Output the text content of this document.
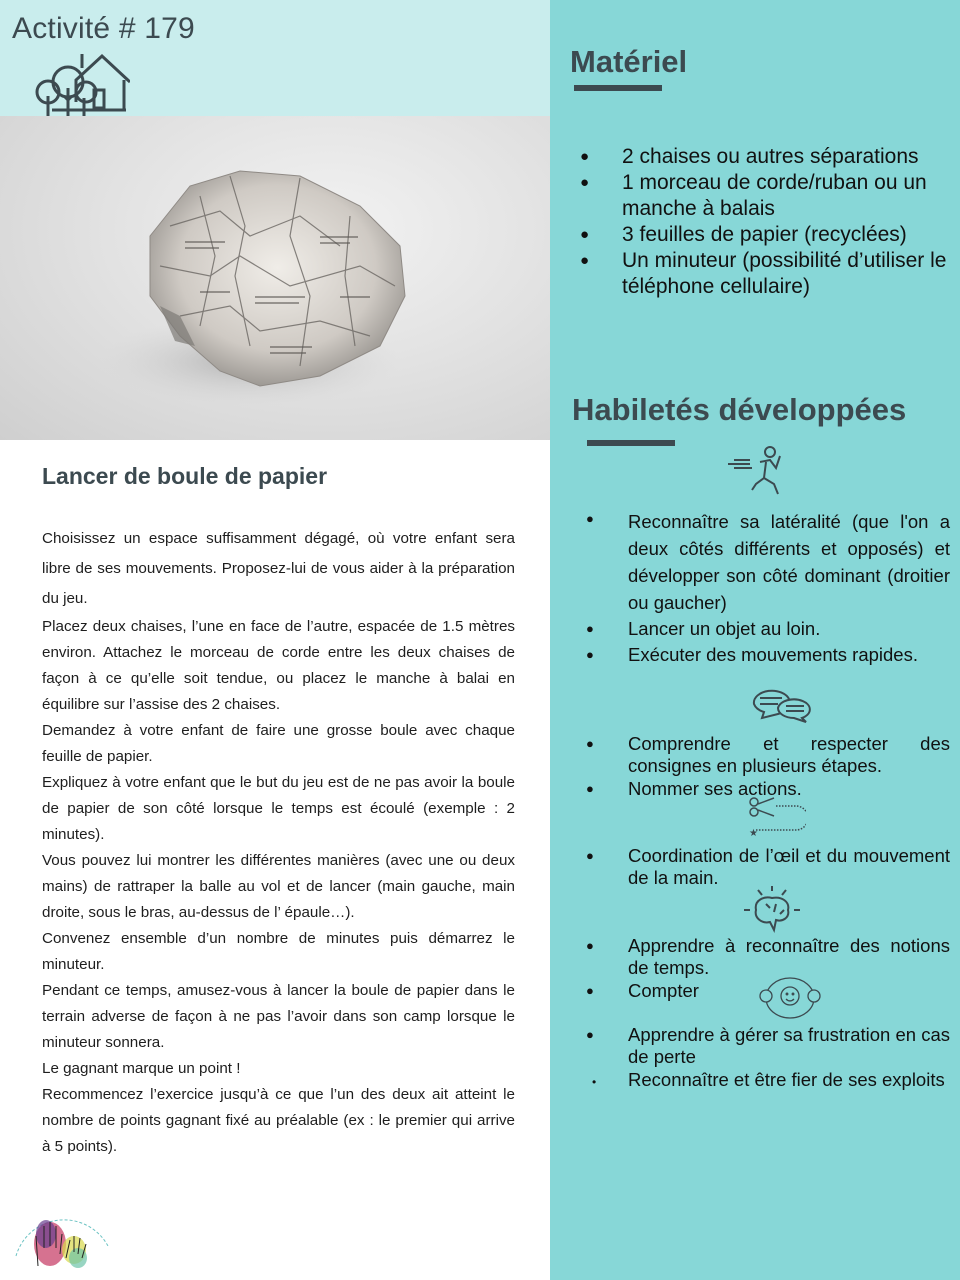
Activité # 179
Lancer de boule de papier

Choisissez un espace suffisamment dégagé, où votre enfant sera libre de ses mouvements. Proposez-lui de vous aider à la préparation du jeu.

Placez deux chaises, l’une en face de l’autre, espacée de 1.5 mètres environ. Attachez le morceau de corde entre les deux chaises de façon à ce qu’elle soit tendue, ou placez le manche à balai en équilibre sur l’assise des 2 chaises.

Demandez à votre enfant de faire une grosse boule avec chaque feuille de papier.

Expliquez à votre enfant que le but du jeu est de ne pas avoir la boule de papier de son côté lorsque le temps est écoulé (exemple : 2 minutes).

Vous pouvez lui montrer les différentes manières (avec une ou deux mains) de rattraper la balle au vol et de lancer (main gauche, main droite, sous le bras, au-dessus de l’ épaule…).

Convenez ensemble d’un nombre de minutes puis démarrez le minuteur.

Pendant ce temps, amusez-vous à lancer la boule de papier dans le terrain adverse de façon à ne pas l’avoir dans son camp lorsque le minuteur sonnera.

Le gagnant marque un point !

Recommencez l’exercice jusqu’à ce que l’un des deux ait atteint le nombre de points gagnant fixé au préalable (ex : le premier qui arrive à 5 points).

Matériel
● 2 chaises ou autres séparations
● 1 morceau de corde/ruban ou un manche à balais
● 3 feuilles de papier (recyclées)
● Un minuteur (possibilité d’utiliser le téléphone cellulaire)
Habiletés développées
● Reconnaître sa latéralité (que l'on a deux côtés différents et opposés) et développer son côté dominant (droitier ou gaucher)
● Lancer un objet au loin.
● Exécuter des mouvements rapides.
● Comprendre et respecter des consignes en plusieurs étapes.
● Nommer ses actions.
★
● Coordination de l’œil et du mouvement de la main.
● Apprendre à reconnaître des notions de temps.
● Compter
● Apprendre à gérer sa frustration en cas de perte
• Reconnaître et être fier de ses exploits
